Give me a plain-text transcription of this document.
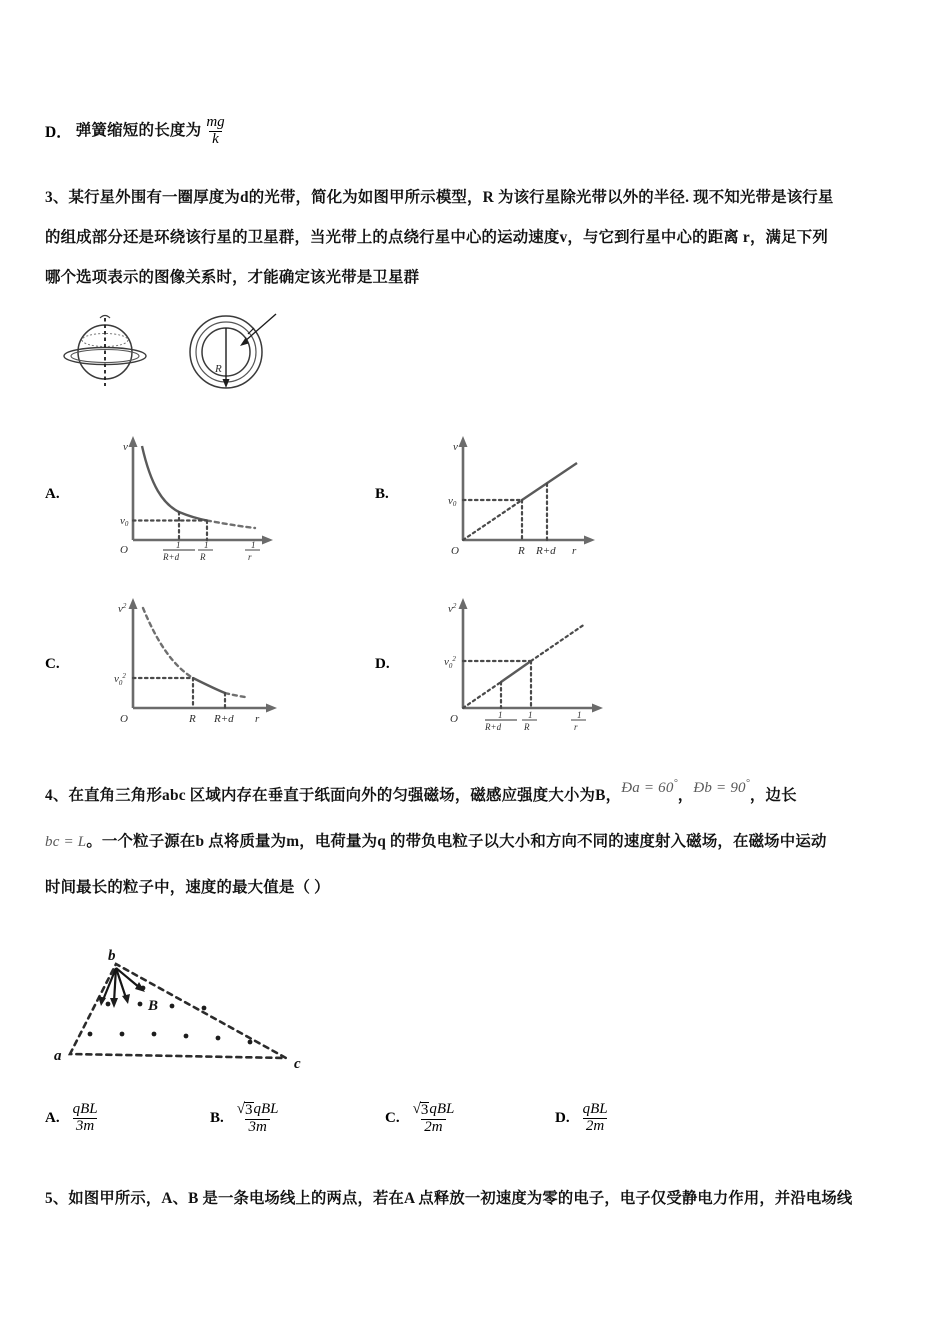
D． 弹簧缩短的长度为 $\frac{mg}{k}$
3、某行星外围有一圈厚度为d的光带，简化为如图甲所示模型，R 为该行星除光带以外的半径. 现不知光带是该行星
的组成部分还是环绕该行星的卫星群，当光带上的点绕行星中心的运动速度v，与它到行星中心的距离 r，满足下列
哪个选项表示的图像关系时，才能确定该光带是卫星群
R
A.
v
v0
O	1
R+d
1
R
1
r
B.
v
v0
O	R R+d r
C.
$v^2$
$v_0^2$
O	R R+d r
D.
$v^2$
$v_0^2$
O	1
R+d
1
R
1
r
4、在直角三角形abc 区域内存在垂直于纸面向外的匀强磁场，磁感应强度大小为B，Ða = 60°，Ðb = 90°，边长
bc = L。一个粒子源在b 点将质量为m，电荷量为q 的带负电粒子以大小和方向不同的速度射入磁场，在磁场中运动
时间最长的粒子中，速度的最大值是（ ）
B
a
b
c
A. $\frac{\text{qBL}}{3m}$	B. $\frac{\text{√ 3 qBL}}{3m}$	C. $\frac{\text{√ 3 qBL}}{2m}$	D. $\frac{\text{qBL}}{2m}$
5、如图甲所示，A、B 是一条电场线上的两点，若在A 点释放一初速度为零的电子，电子仅受静电力作用，并沿电场线
